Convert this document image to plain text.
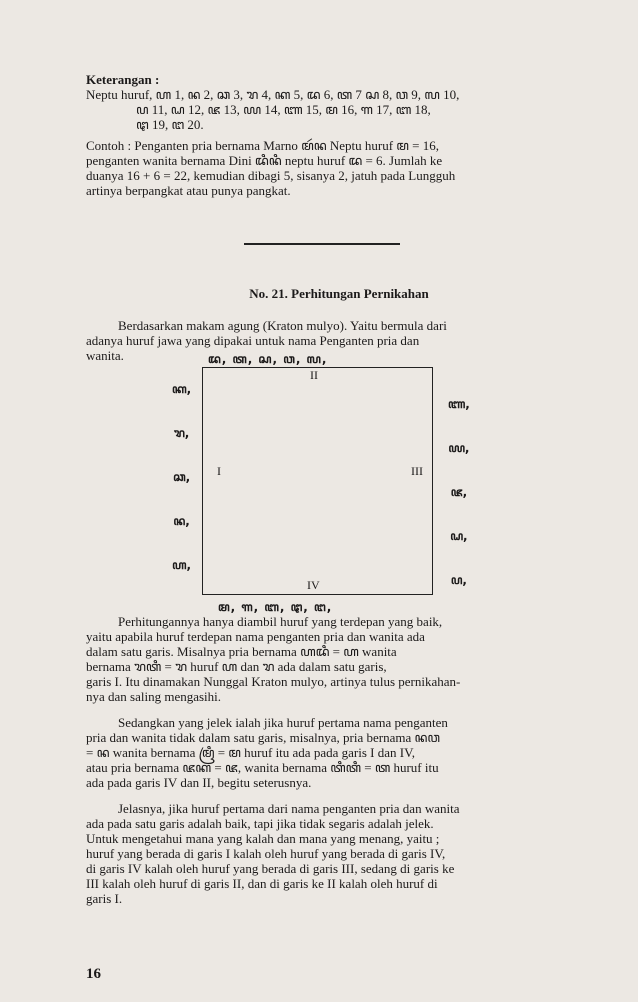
Keterangan :
Neptu huruf, ꦲ 1, ꦤ 2, ꦕ 3, ꦫ 4, ꦏ 5, ꦢ 6, ꦠ 7 ꦱ 8, ꦮ 9, ꦭ 10,
ꦥ 11, ꦝ 12, ꦗ 13, ꦪ 14, ꦚ 15, ꦩ 16, ꦒ 17, ꦧ 18,
ꦛ 19, ꦔ 20.
Contoh : Penganten pria bernama Marno ꦩꦂꦤ Neptu huruf ꦩ = 16,
penganten wanita bernama Dini ꦢꦶꦤꦶ neptu huruf ꦢ = 6. Jumlah ke
duanya 16 + 6 = 22, kemudian dibagi 5, sisanya 2, jatuh pada Lungguh
artinya berpangkat atau punya pangkat.
No. 21. Perhitungan Pernikahan
Berdasarkan makam agung (Kraton mulyo). Yaitu bermula dari
adanya huruf jawa yang dipakai untuk nama Penganten pria dan
wanita.
Perhitungannya hanya diambil huruf yang terdepan yang baik,
yaitu apabila huruf terdepan nama penganten pria dan wanita ada
dalam satu garis. Misalnya pria bernama ꦲꦢꦶ = ꦲ wanita
bernama ꦫꦠꦶ = ꦫ huruf ꦲ dan ꦫ ada dalam satu garis,
garis I. Itu dinamakan Nunggal Kraton mulyo, artinya tulus pernikahan-
nya dan saling mengasihi.
Sedangkan yang jelek ialah jika huruf pertama nama penganten
pria dan wanita tidak dalam satu garis, misalnya, pria bernama ꦤꦮ
= ꦤ wanita bernama ꦩꦿꦶ = ꦩ huruf itu ada pada garis I dan IV,
atau pria bernama ꦗꦏ = ꦗ, wanita bernama ꦠꦶꦠꦶ = ꦠ huruf itu
ada pada garis IV dan II, begitu seterusnya.
Jelasnya, jika huruf pertama dari nama penganten pria dan wanita
ada pada satu garis adalah baik, tapi jika tidak segaris adalah jelek.
Untuk mengetahui mana yang kalah dan mana yang menang, yaitu ;
huruf yang berada di garis I kalah oleh huruf yang berada di garis IV,
di garis IV kalah oleh huruf yang berada di garis III, sedang di garis ke
III kalah oleh huruf di garis II, dan di garis ke II kalah oleh huruf di
garis I.
ꦢ, ꦠ, ꦱ, ꦮ, ꦭ,
II
I	III
IV
ꦩ, ꦒ, ꦧ, ꦛ, ꦔ,
ꦏ,
ꦫ,
ꦕ,
ꦤ,
ꦲ,
ꦚ,
ꦪ,
ꦗ,
ꦝ,
ꦥ,
16
